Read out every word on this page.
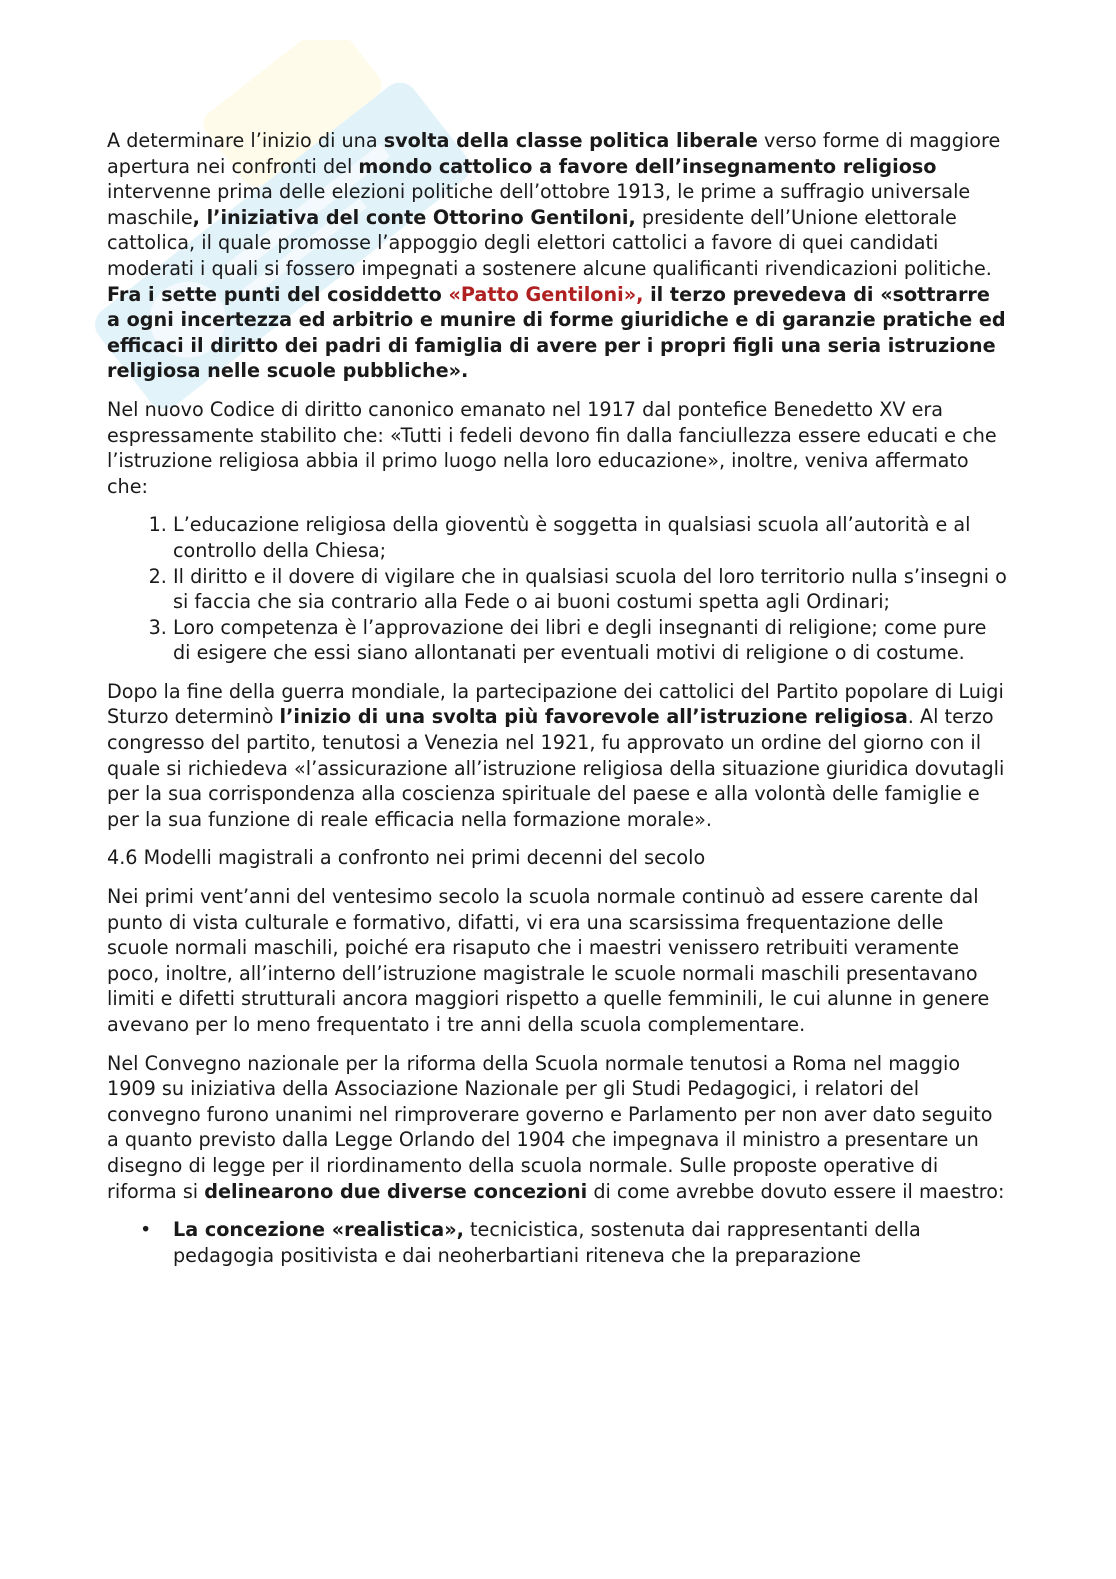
A determinare l’inizio di una svolta della classe politica liberale verso forme di maggiore apertura nei confronti del mondo cattolico a favore dell’insegnamento religioso intervenne prima delle elezioni politiche dell’ottobre 1913, le prime a suffragio universale maschile, l’iniziativa del conte Ottorino Gentiloni, presidente dell’Unione elettorale cattolica, il quale promosse l’appoggio degli elettori cattolici a favore di quei candidati moderati i quali si fossero impegnati a sostenere alcune qualificanti rivendicazioni politiche. Fra i sette punti del cosiddetto «Patto Gentiloni», il terzo prevedeva di «sottrarre a ogni incertezza ed arbitrio e munire di forme giuridiche e di garanzie pratiche ed efficaci il diritto dei padri di famiglia di avere per i propri figli una seria istruzione religiosa nelle scuole pubbliche».

Nel nuovo Codice di diritto canonico emanato nel 1917 dal pontefice Benedetto XV era espressamente stabilito che: «Tutti i fedeli devono fin dalla fanciullezza essere educati e che l’istruzione religiosa abbia il primo luogo nella loro educazione», inoltre, veniva affermato che:

1. L’educazione religiosa della gioventù è soggetta in qualsiasi scuola all’autorità e al controllo della Chiesa;
2. Il diritto e il dovere di vigilare che in qualsiasi scuola del loro territorio nulla s’insegni o si faccia che sia contrario alla Fede o ai buoni costumi spetta agli Ordinari;
3. Loro competenza è l’approvazione dei libri e degli insegnanti di religione; come pure di esigere che essi siano allontanati per eventuali motivi di religione o di costume.

Dopo la fine della guerra mondiale, la partecipazione dei cattolici del Partito popolare di Luigi Sturzo determinò l’inizio di una svolta più favorevole all’istruzione religiosa. Al terzo congresso del partito, tenutosi a Venezia nel 1921, fu approvato un ordine del giorno con il quale si richiedeva «l’assicurazione all’istruzione religiosa della situazione giuridica dovutagli per la sua corrispondenza alla coscienza spirituale del paese e alla volontà delle famiglie e per la sua funzione di reale efficacia nella formazione morale».

4.6 Modelli magistrali a confronto nei primi decenni del secolo

Nei primi vent’anni del ventesimo secolo la scuola normale continuò ad essere carente dal punto di vista culturale e formativo, difatti, vi era una scarsissima frequentazione delle scuole normali maschili, poiché era risaputo che i maestri venissero retribuiti veramente poco, inoltre, all’interno dell’istruzione magistrale le scuole normali maschili presentavano limiti e difetti strutturali ancora maggiori rispetto a quelle femminili, le cui alunne in genere avevano per lo meno frequentato i tre anni della scuola complementare.

Nel Convegno nazionale per la riforma della Scuola normale tenutosi a Roma nel maggio 1909 su iniziativa della Associazione Nazionale per gli Studi Pedagogici, i relatori del convegno furono unanimi nel rimproverare governo e Parlamento per non aver dato seguito a quanto previsto dalla Legge Orlando del 1904 che impegnava il ministro a presentare un disegno di legge per il riordinamento della scuola normale. Sulle proposte operative di riforma si delinearono due diverse concezioni di come avrebbe dovuto essere il maestro:

• La concezione «realistica», tecnicistica, sostenuta dai rappresentanti della pedagogia positivista e dai neoherbartiani riteneva che la preparazione
